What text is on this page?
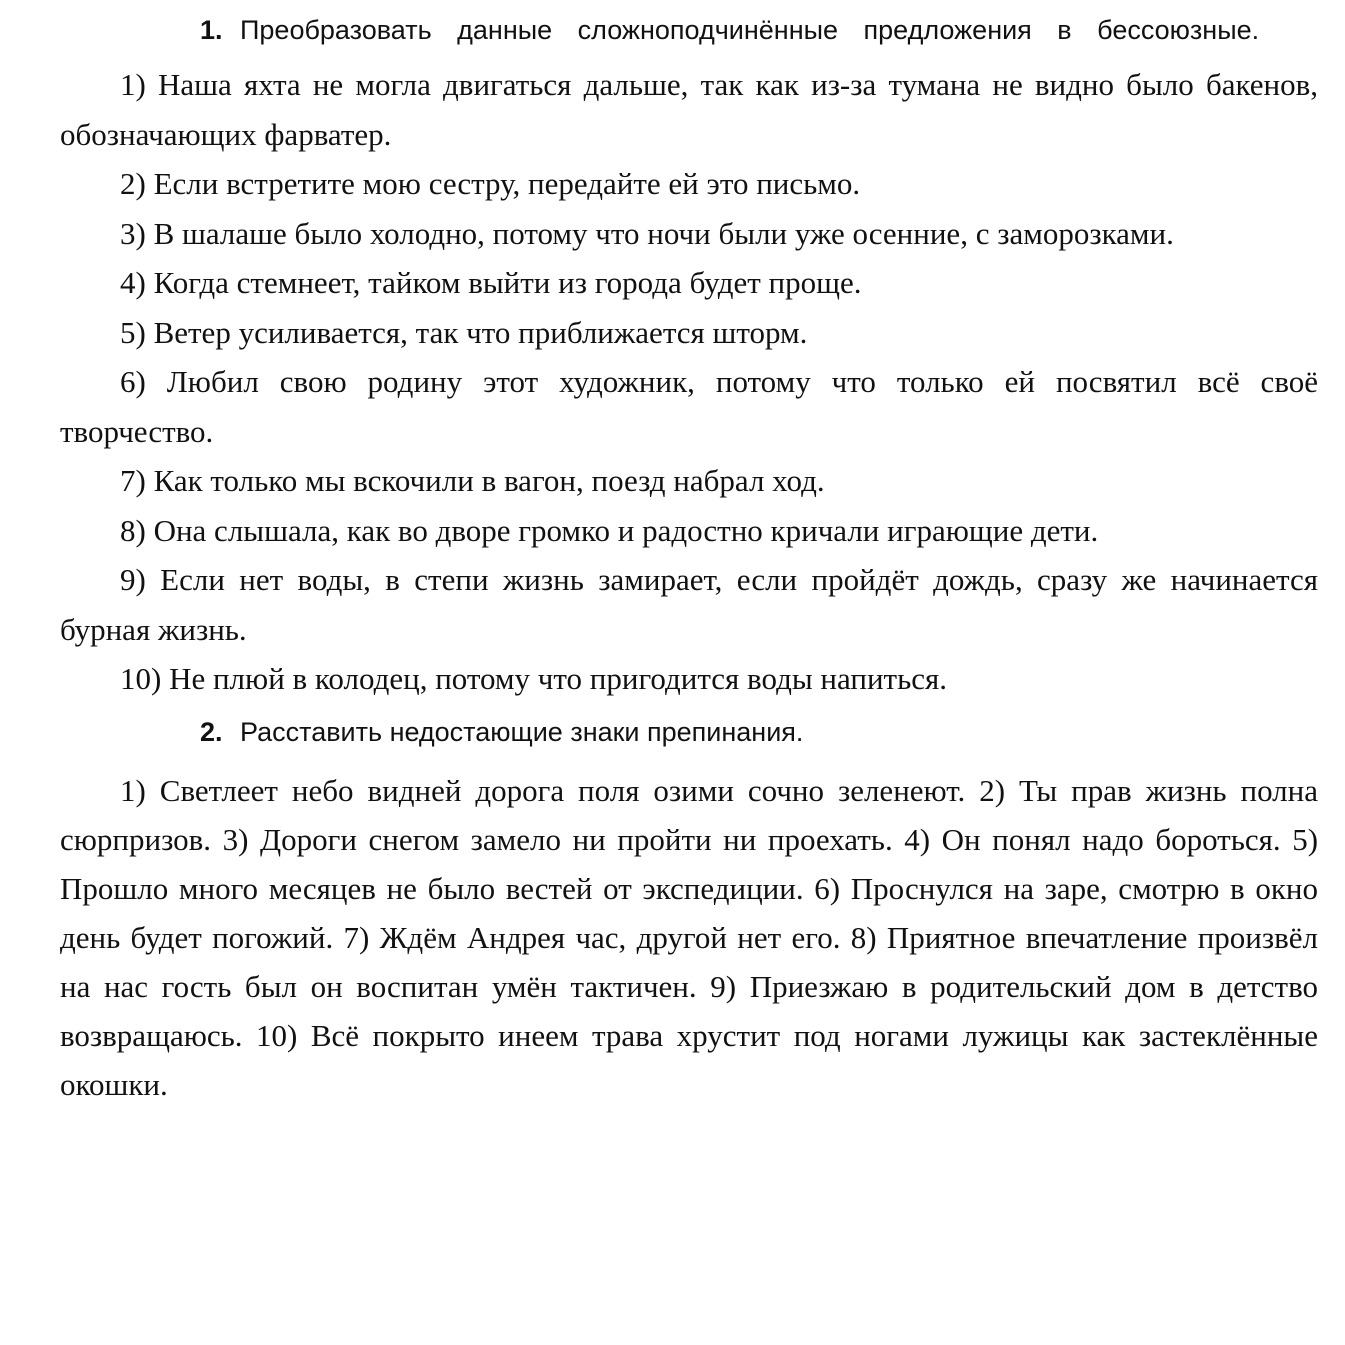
1. Преобразовать данные сложноподчинённые предложения в бессоюзные.

1) Наша яхта не могла двигаться дальше, так как из-за тумана не видно было бакенов, обозначающих фарватер.

2) Если встретите мою сестру, передайте ей это письмо.

3) В шалаше было холодно, потому что ночи были уже осенние, с заморозками.

4) Когда стемнеет, тайком выйти из города будет проще.

5) Ветер усиливается, так что приближается шторм.

6) Любил свою родину этот художник, потому что только ей посвятил всё своё творчество.

7) Как только мы вскочили в вагон, поезд набрал ход.

8) Она слышала, как во дворе громко и радостно кричали играющие дети.

9) Если нет воды, в степи жизнь замирает, если пройдёт дождь, сразу же начинается бурная жизнь.

10) Не плюй в колодец, потому что пригодится воды напиться.

2. Расставить недостающие знаки препинания.

1) Светлеет небо видней дорога поля озими сочно зеленеют. 2) Ты прав жизнь полна сюрпризов. 3) Дороги снегом замело ни пройти ни проехать. 4) Он понял надо бороться. 5) Прошло много месяцев не было вестей от экспедиции. 6) Проснулся на заре, смотрю в окно день будет погожий. 7) Ждём Андрея час, другой нет его. 8) Приятное впечатление произвёл на нас гость был он воспитан умён тактичен. 9) Приезжаю в родительский дом в детство возвращаюсь. 10) Всё покрыто инеем трава хрустит под ногами лужицы как застеклённые окошки.
